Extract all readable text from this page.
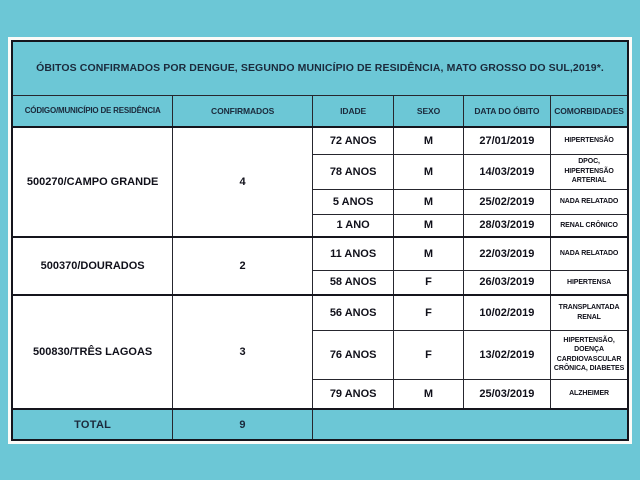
ÓBITOS CONFIRMADOS POR DENGUE, SEGUNDO MUNICÍPIO DE RESIDÊNCIA, MATO GROSSO DO SUL,2019*.					
CÓDIGO/MUNICÍPIO DE RESIDÊNCIA	CONFIRMADOS	IDADE	SEXO	DATA DO ÓBITO	COMORBIDADES
500270/CAMPO GRANDE	4	72 ANOS	M	27/01/2019	HIPERTENSÃO
		78 ANOS	M	14/03/2019	DPOC, HIPERTENSÃO ARTERIAL
		5 ANOS	M	25/02/2019	NADA RELATADO
		1 ANO	M	28/03/2019	RENAL CRÔNICO
500370/DOURADOS	2	11 ANOS	M	22/03/2019	NADA RELATADO
		58 ANOS	F	26/03/2019	HIPERTENSA
500830/TRÊS LAGOAS	3	56 ANOS	F	10/02/2019	TRANSPLANTADA RENAL
		76 ANOS	F	13/02/2019	HIPERTENSÃO, DOENÇA CARDIOVASCULAR CRÔNICA, DIABETES
		79 ANOS	M	25/03/2019	ALZHEIMER
TOTAL	9				
